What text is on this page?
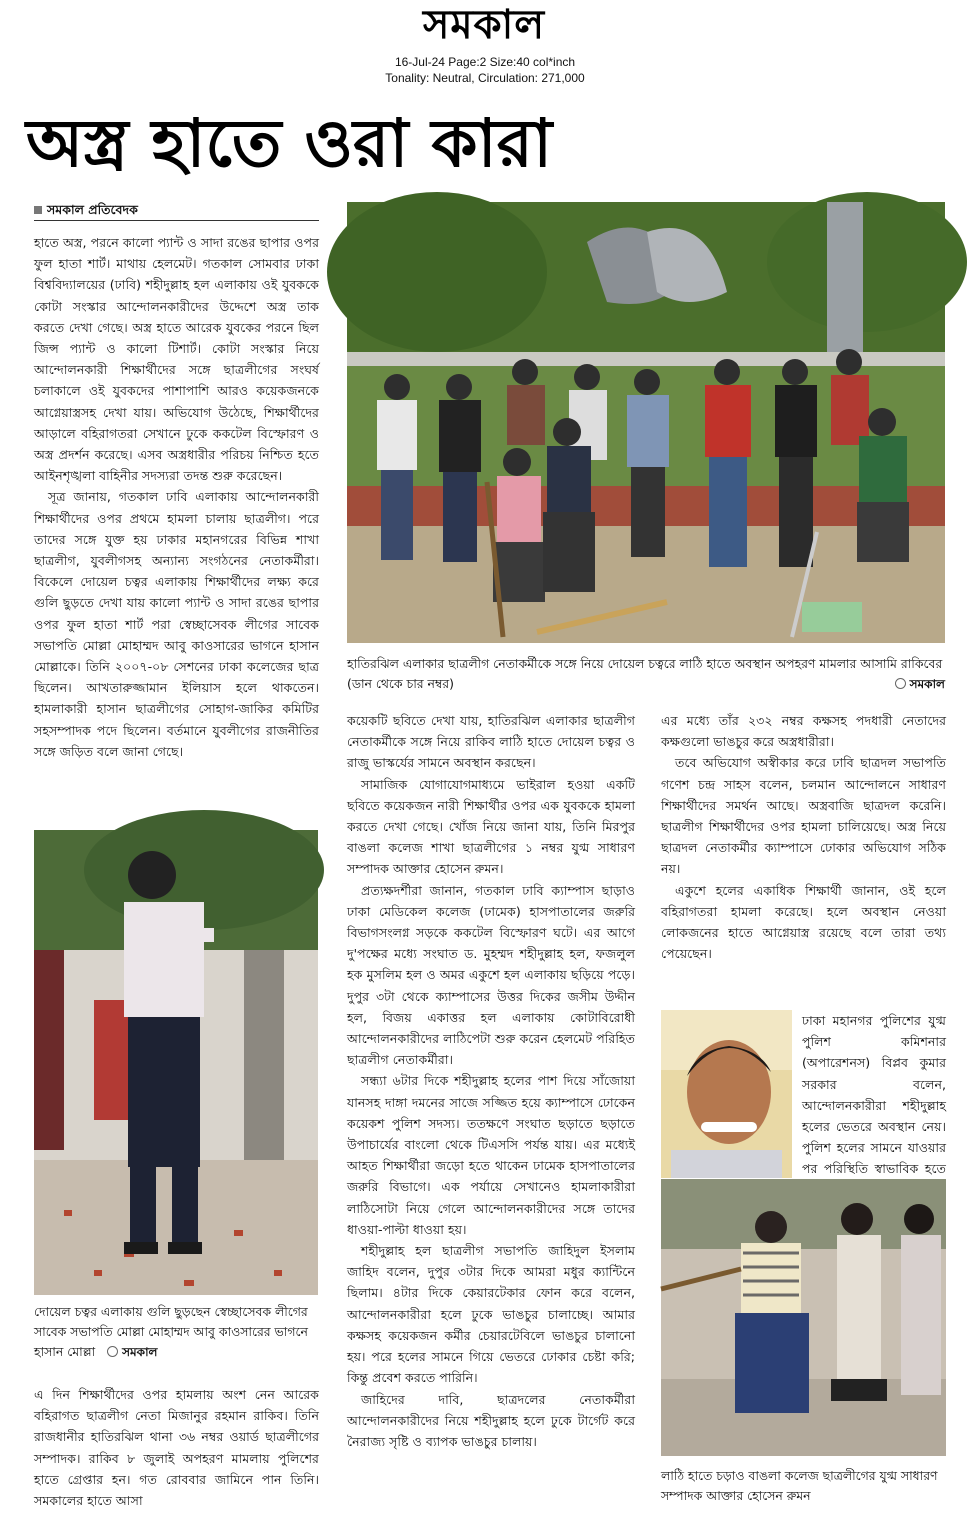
সমকাল
16-Jul-24 Page:2 Size:40 col*inch
Tonality: Neutral, Circulation: 271,000
অস্ত্র হাতে ওরা কারা
সমকাল প্রতিবেদক

হাতে অস্ত্র, পরনে কালো প্যান্ট ও সাদা রঙের ছাপার ওপর ফুল হাতা শার্ট। মাথায় হেলমেট। গতকাল সোমবার ঢাকা বিশ্ববিদ্যালয়ের (ঢাবি) শহীদুল্লাহ হল এলাকায় ওই যুবককে কোটা সংস্কার আন্দোলনকারীদের উদ্দেশে অস্ত্র তাক করতে দেখা গেছে। অস্ত্র হাতে আরেক যুবকের পরনে ছিল জিন্স প্যান্ট ও কালো টিশার্ট। কোটা সংস্কার নিয়ে আন্দোলনকারী শিক্ষার্থীদের সঙ্গে ছাত্রলীগের সংঘর্ষ চলাকালে ওই যুবকদের পাশাপাশি আরও কয়েকজনকে আগ্নেয়াস্ত্রসহ দেখা যায়। অভিযোগ উঠেছে, শিক্ষার্থীদের আড়ালে বহিরাগতরা সেখানে ঢুকে ককটেল বিস্ফোরণ ও অস্ত্র প্রদর্শন করেছে। এসব অস্ত্রধারীর পরিচয় নিশ্চিত হতে আইনশৃঙ্খলা বাহিনীর সদস্যরা তদন্ত শুরু করেছেন।

সূত্র জানায়, গতকাল ঢাবি এলাকায় আন্দোলনকারী শিক্ষার্থীদের ওপর প্রথমে হামলা চালায় ছাত্রলীগ। পরে তাদের সঙ্গে যুক্ত হয় ঢাকার মহানগরের বিভিন্ন শাখা ছাত্রলীগ, যুবলীগসহ অন্যান্য সংগঠনের নেতাকর্মীরা। বিকেলে দোয়েল চত্বর এলাকায় শিক্ষার্থীদের লক্ষ্য করে গুলি ছুড়তে দেখা যায় কালো প্যান্ট ও সাদা রঙের ছাপার ওপর ফুল হাতা শার্ট পরা স্বেচ্ছাসেবক লীগের সাবেক সভাপতি মোল্লা মোহাম্মদ আবু কাওসারের ভাগনে হাসান মোল্লাকে। তিনি ২০০৭-০৮ সেশনের ঢাকা কলেজের ছাত্র ছিলেন। আখতারুজ্জামান ইলিয়াস হলে থাকতেন। হামলাকারী হাসান ছাত্রলীগের সোহাগ-জাকির কমিটির সহসম্পাদক পদে ছিলেন। বর্তমানে যুবলীগের রাজনীতির সঙ্গে জড়িত বলে জানা গেছে।

হাতিরঝিল এলাকার ছাত্রলীগ নেতাকর্মীকে সঙ্গে নিয়ে দোয়েল চত্বরে লাঠি হাতে অবস্থান অপহরণ মামলার আসামি রাকিবের (ডান থেকে চার নম্বর)	সমকাল
দোয়েল চত্বর এলাকায় গুলি ছুড়ছেন স্বেচ্ছাসেবক লীগের সাবেক সভাপতি মোল্লা মোহাম্মদ আবু কাওসারের ভাগনে হাসান মোল্লা সমকাল

এ দিন শিক্ষার্থীদের ওপর হামলায় অংশ নেন আরেক বহিরাগত ছাত্রলীগ নেতা মিজানুর রহমান রাকিব। তিনি রাজধানীর হাতিরঝিল থানা ৩৬ নম্বর ওয়ার্ড ছাত্রলীগের সম্পাদক। রাকিব ৮ জুলাই অপহরণ মামলায় পুলিশের হাতে গ্রেপ্তার হন। গত রোববার জামিনে পান তিনি। সমকালের হাতে আসা

কয়েকটি ছবিতে দেখা যায়, হাতিরঝিল এলাকার ছাত্রলীগ নেতাকর্মীকে সঙ্গে নিয়ে রাকিব লাঠি হাতে দোয়েল চত্বর ও রাজু ভাস্কর্যের সামনে অবস্থান করছেন।

সামাজিক যোগাযোগমাধ্যমে ভাইরাল হওয়া একটি ছবিতে কয়েকজন নারী শিক্ষার্থীর ওপর এক যুবককে হামলা করতে দেখা গেছে। খোঁজ নিয়ে জানা যায়, তিনি মিরপুর বাঙলা কলেজ শাখা ছাত্রলীগের ১ নম্বর যুগ্ম সাধারণ সম্পাদক আক্তার হোসেন রুমন।

প্রত্যক্ষদর্শীরা জানান, গতকাল ঢাবি ক্যাম্পাস ছাড়াও ঢাকা মেডিকেল কলেজ (ঢামেক) হাসপাতালের জরুরি বিভাগসংলগ্ন সড়কে ককটেল বিস্ফোরণ ঘটে। এর আগে দু'পক্ষের মধ্যে সংঘাত ড. মুহম্মদ শহীদুল্লাহ হল, ফজলুল হক মুসলিম হল ও অমর একুশে হল এলাকায় ছড়িয়ে পড়ে। দুপুর ৩টা থেকে ক্যাম্পাসের উত্তর দিকের জসীম উদ্দীন হল, বিজয় একাত্তর হল এলাকায় কোটাবিরোধী আন্দোলনকারীদের লাঠিপেটা শুরু করেন হেলমেট পরিহিত ছাত্রলীগ নেতাকর্মীরা।

সন্ধ্যা ৬টার দিকে শহীদুল্লাহ হলের পাশ দিয়ে সাঁজোয়া যানসহ দাঙ্গা দমনের সাজে সজ্জিত হয়ে ক্যাম্পাসে ঢোকেন কয়েকশ পুলিশ সদস্য। ততক্ষণে সংঘাত ছড়াতে ছড়াতে উপাচার্যের বাংলো থেকে টিএসসি পর্যন্ত যায়। এর মধ্যেই আহত শিক্ষার্থীরা জড়ো হতে থাকেন ঢামেক হাসপাতালের জরুরি বিভাগে। এক পর্যায়ে সেখানেও হামলাকারীরা লাঠিসোটা নিয়ে গেলে আন্দোলনকারীদের সঙ্গে তাদের ধাওয়া-পাল্টা ধাওয়া হয়।

শহীদুল্লাহ হল ছাত্রলীগ সভাপতি জাহিদুল ইসলাম জাহিদ বলেন, দুপুর ৩টার দিকে আমরা মধুর ক্যান্টিনে ছিলাম। ৪টার দিকে কেয়ারটেকার ফোন করে বলেন, আন্দোলনকারীরা হলে ঢুকে ভাঙচুর চালাচ্ছে। আমার কক্ষসহ কয়েকজন কর্মীর চেয়ারটেবিলে ভাঙচুর চালানো হয়। পরে হলের সামনে গিয়ে ভেতরে ঢোকার চেষ্টা করি; কিন্তু প্রবেশ করতে পারিনি।

জাহিদের দাবি, ছাত্রদলের নেতাকর্মীরা আন্দোলনকারীদের নিয়ে শহীদুল্লাহ হলে ঢুকে টার্গেট করে নৈরাজ্য সৃষ্টি ও ব্যাপক ভাঙচুর চালায়।

এর মধ্যে তাঁর ২৩২ নম্বর কক্ষসহ পদধারী নেতাদের কক্ষগুলো ভাঙচুর করে অস্ত্রধারীরা।

তবে অভিযোগ অস্বীকার করে ঢাবি ছাত্রদল সভাপতি গণেশ চন্দ্র সাহস বলেন, চলমান আন্দোলনে সাধারণ শিক্ষার্থীদের সমর্থন আছে। অস্ত্রবাজি ছাত্রদল করেনি। ছাত্রলীগ শিক্ষার্থীদের ওপর হামলা চালিয়েছে। অস্ত্র নিয়ে ছাত্রদল নেতাকর্মীর ক্যাম্পাসে ঢোকার অভিযোগ সঠিক নয়।

একুশে হলের একাধিক শিক্ষার্থী জানান, ওই হলে বহিরাগতরা হামলা করেছে। হলে অবস্থান নেওয়া লোকজনের হাতে আগ্নেয়াস্ত্র রয়েছে বলে তারা তথ্য পেয়েছেন।

ঢাকা মহানগর পুলিশের যুগ্ম পুলিশ কমিশনার (অপারেশনস) বিপ্লব কুমার সরকার বলেন, আন্দোলনকারীরা শহীদুল্লাহ হলের ভেতরে অবস্থান নেয়। পুলিশ হলের সামনে যাওয়ার পর পরিস্থিতি স্বাভাবিক হতে

লাঠি হাতে চড়াও বাঙলা কলেজ ছাত্রলীগের যুগ্ম সাধারণ সম্পাদক আক্তার হোসেন রুমন
